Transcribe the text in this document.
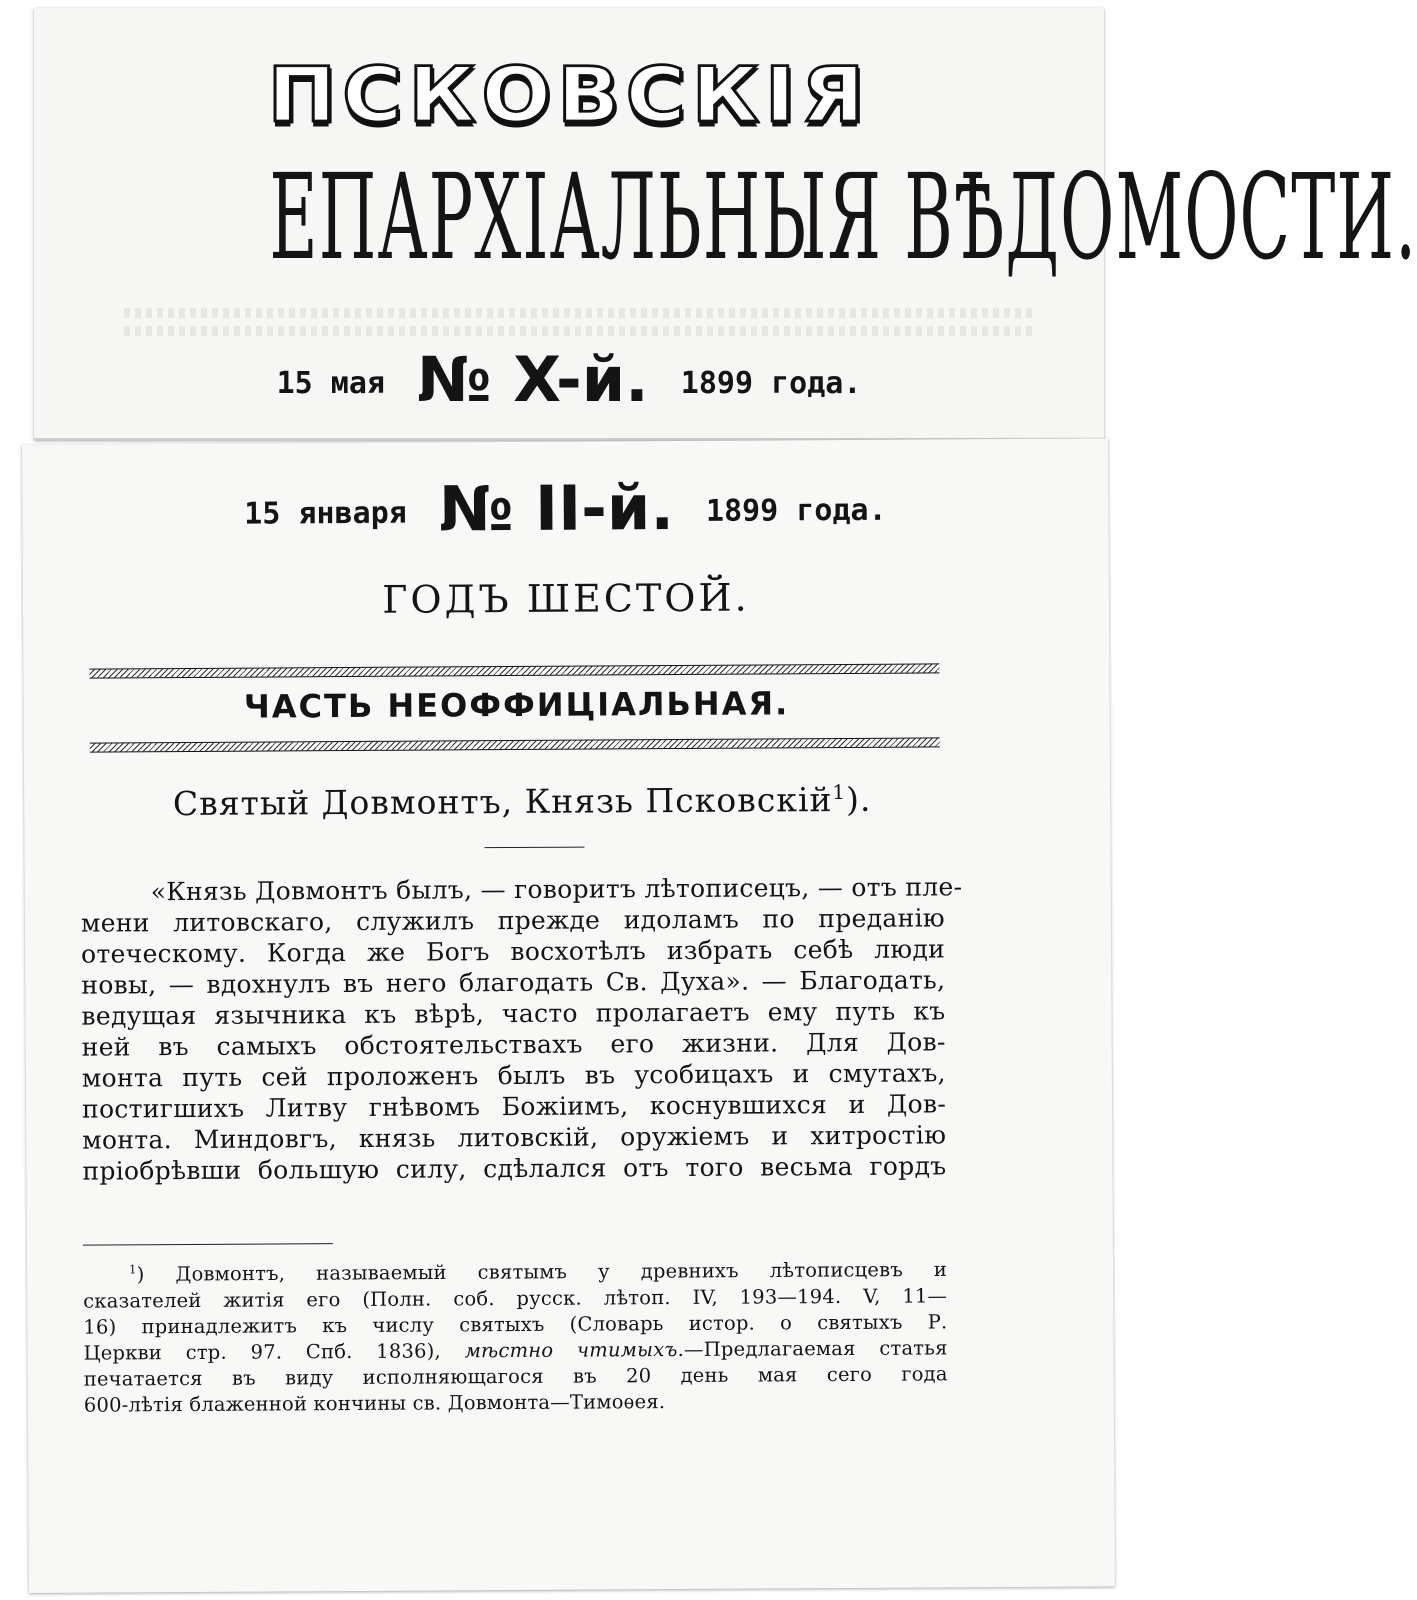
ПСКОВСКІЯ
ЕПАРХІАЛЬНЫЯ ВѢДОМОСТИ.
15 мая № X-й. 1899 года.
15 января № II-й. 1899 года.
ГОДЪ ШЕСТОЙ.
ЧАСТЬ НЕОФФИЦІАЛЬНАЯ.
Святый Довмонтъ, Князь Псковскій$^1$).
«Князь Довмонтъ былъ, — говоритъ лѣтописецъ, — отъ пле-
мени литовскаго, служилъ прежде идоламъ по преданію
отеческому. Когда же Богъ восхотѣлъ избрать себѣ люди
новы, — вдохнулъ въ него благодать Св. Духа». — Благодать,
ведущая язычника къ вѣрѣ, часто пролагаетъ ему путь къ
ней въ самыхъ обстоятельствахъ его жизни. Для Дов-
монта путь сей проложенъ былъ въ усобицахъ и смутахъ,
постигшихъ Литву гнѣвомъ Божіимъ, коснувшихся и Дов-
монта. Миндовгъ, князь литовскій, оружіемъ и хитростію
пріобрѣвши большую силу, сдѣлался отъ того весьма гордъ
$^1$) Довмонтъ, называемый святымъ у древнихъ лѣтописцевъ и
сказателей житія его (Полн. соб. русск. лѣтоп. IV, 193—194. V, 11—
16) принадлежитъ къ числу святыхъ (Словарь истор. о святыхъ Р.
Церкви стр. 97. Спб. 1836), мѣстно чтимыхъ.—Предлагаемая статья
печатается въ виду исполняющагося въ 20 день мая сего года
600-лѣтія блаженной кончины св. Довмонта—Тимоѳея.
